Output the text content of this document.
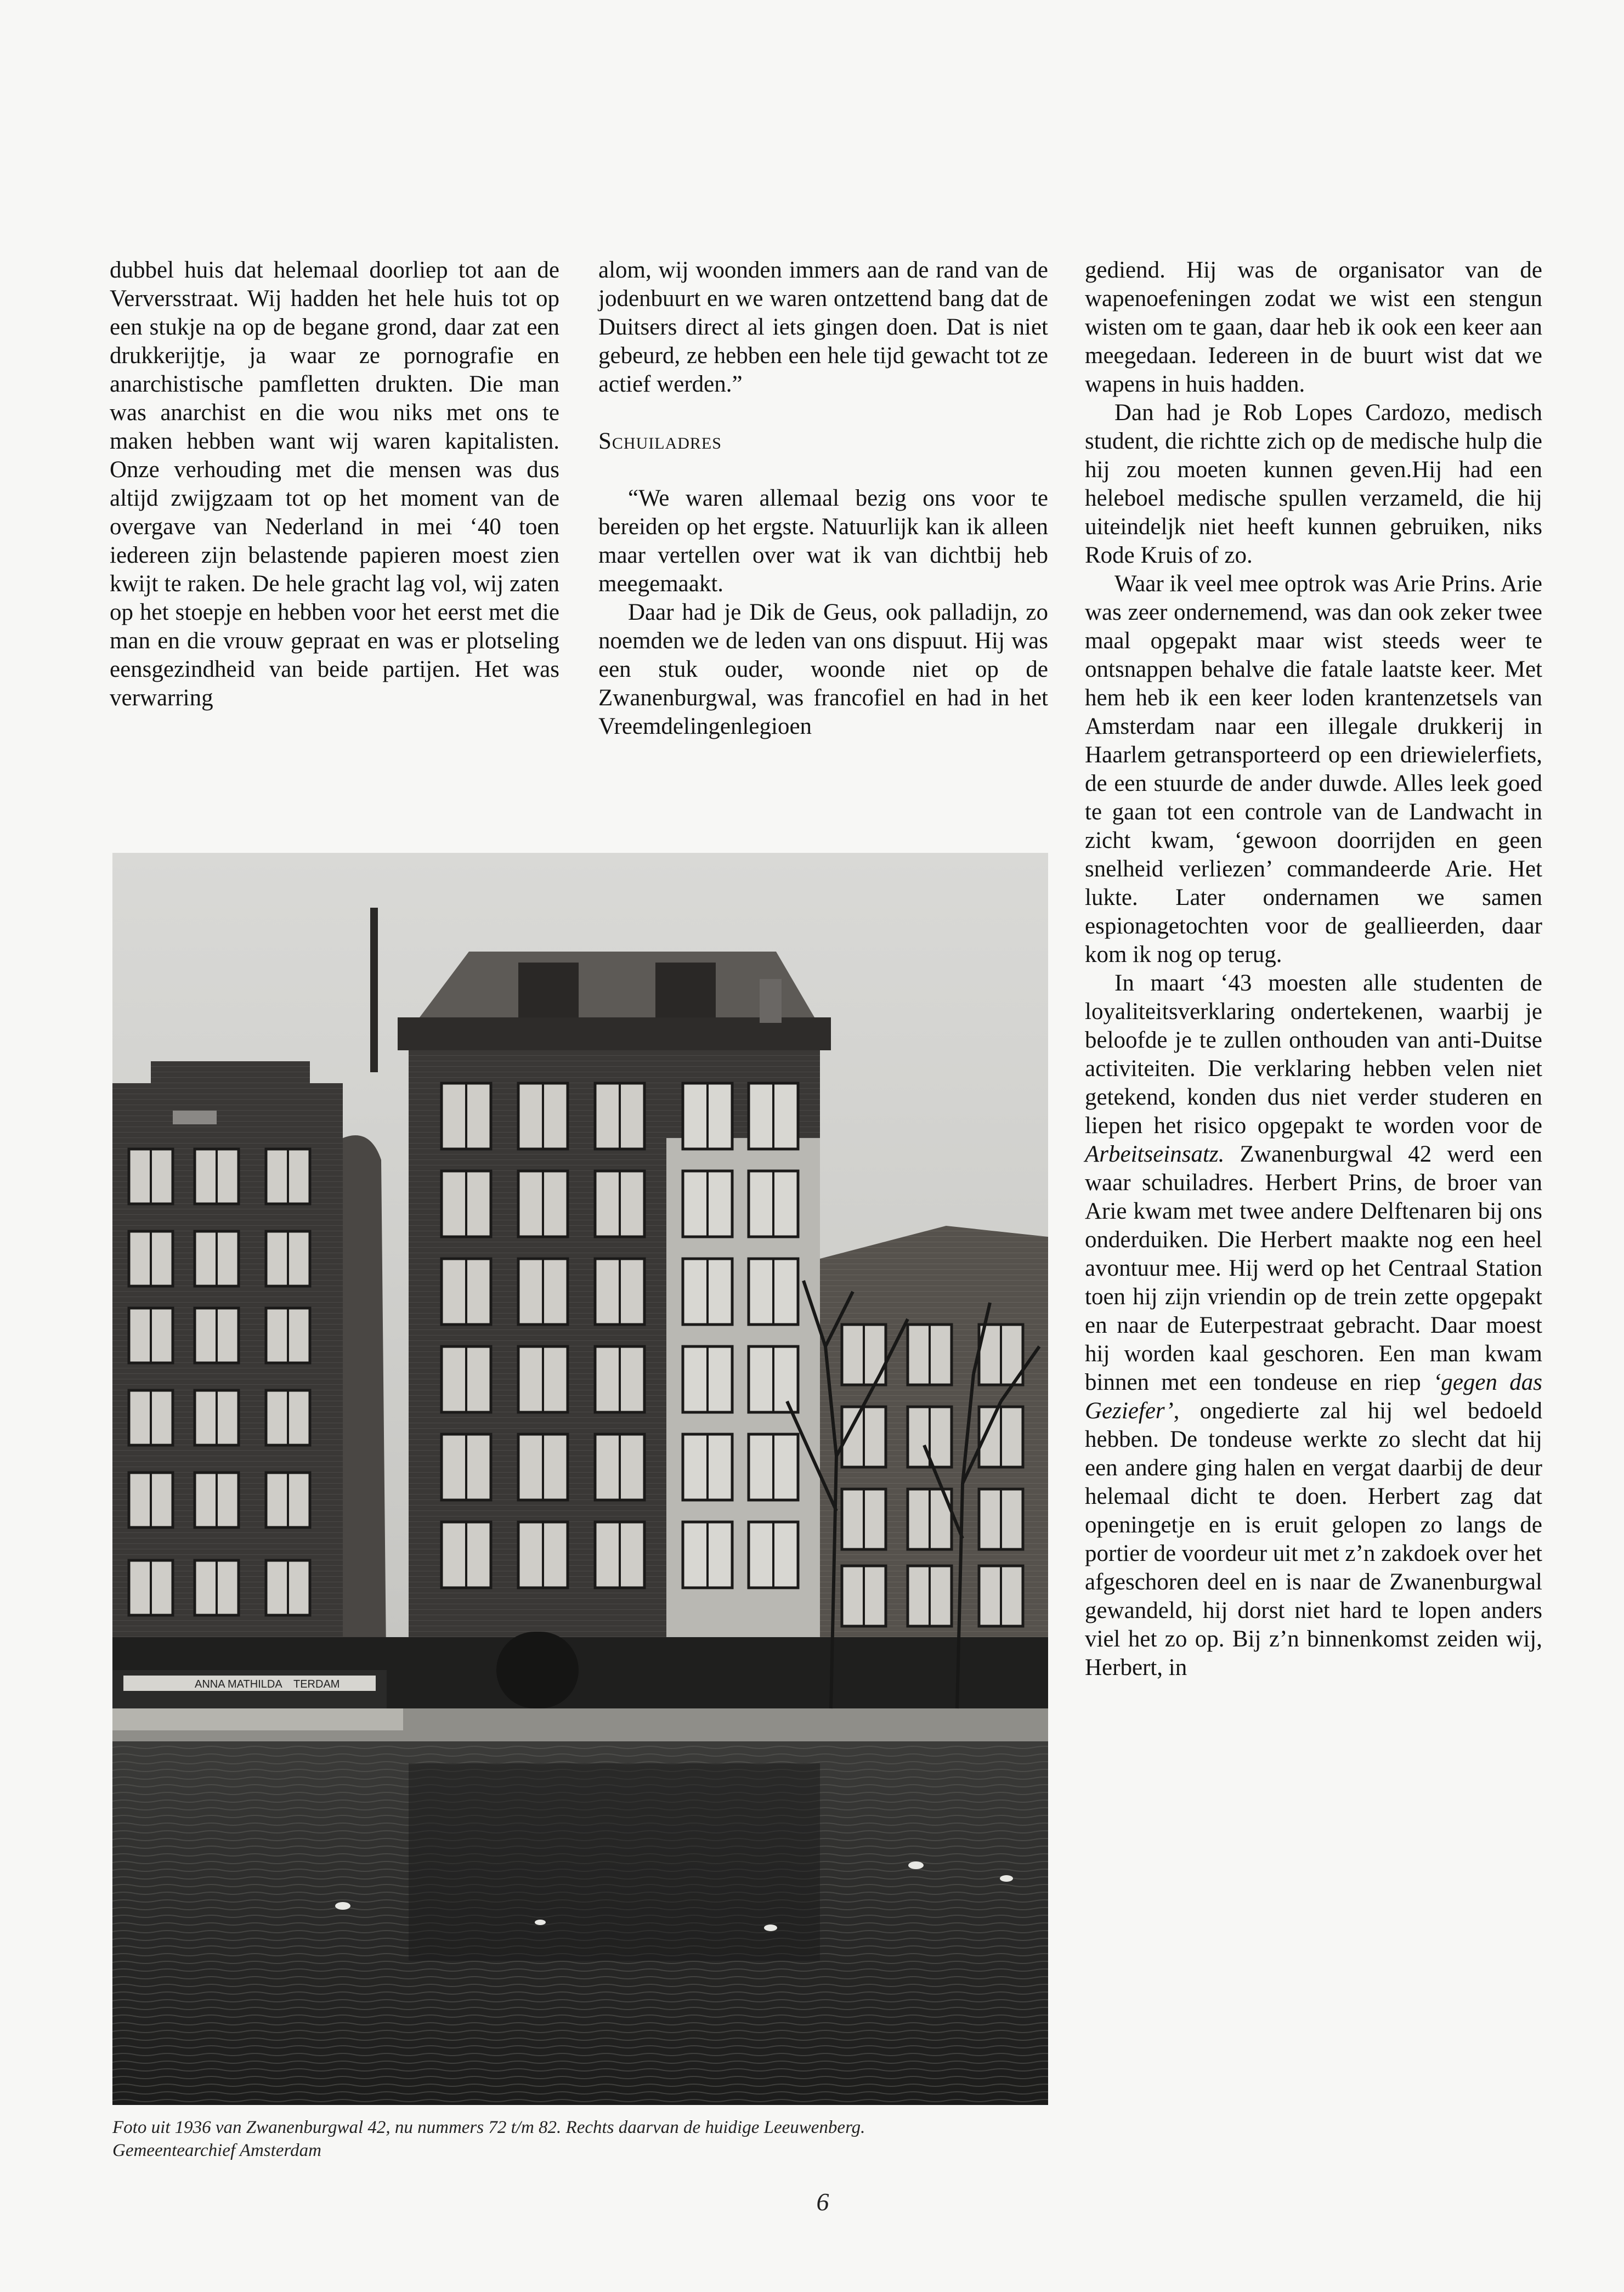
dubbel huis dat helemaal doorliep tot aan de Verversstraat. Wij hadden het hele huis tot op een stukje na op de begane grond, daar zat een drukkerijtje, ja waar ze pornografie en anarchistische pamfletten drukten. Die man was anarchist en die wou niks met ons te maken hebben want wij waren kapitalisten. Onze verhouding met die mensen was dus altijd zwijgzaam tot op het moment van de overgave van Nederland in mei ‘40 toen iedereen zijn belastende papieren moest zien kwijt te raken. De hele gracht lag vol, wij zaten op het stoepje en hebben voor het eerst met die man en die vrouw gepraat en was er plotseling eensgezindheid van beide partijen. Het was verwarring

alom, wij woonden immers aan de rand van de jodenbuurt en we waren ontzettend bang dat de Duitsers direct al iets gingen doen. Dat is niet gebeurd, ze hebben een hele tijd gewacht tot ze actief werden.”

Schuiladres

“We waren allemaal bezig ons voor te bereiden op het ergste. Natuurlijk kan ik alleen maar vertellen over wat ik van dichtbij heb meegemaakt.

Daar had je Dik de Geus, ook palladijn, zo noemden we de leden van ons dispuut. Hij was een stuk ouder, woonde niet op de Zwanenburgwal, was francofiel en had in het Vreemdelingenlegioen

gediend. Hij was de organisator van de wapenoefeningen zodat we wist een stengun wisten om te gaan, daar heb ik ook een keer aan meegedaan. Iedereen in de buurt wist dat we wapens in huis hadden.

Dan had je Rob Lopes Cardozo, medisch student, die richtte zich op de medische hulp die hij zou moeten kunnen geven.Hij had een heleboel medische spullen verzameld, die hij uiteindeljk niet heeft kunnen gebruiken, niks Rode Kruis of zo.

Waar ik veel mee optrok was Arie Prins. Arie was zeer ondernemend, was dan ook zeker twee maal opgepakt maar wist steeds weer te ontsnappen behalve die fatale laatste keer. Met hem heb ik een keer loden krantenzetsels van Amsterdam naar een illegale drukkerij in Haarlem getransporteerd op een driewielerfiets, de een stuurde de ander duwde. Alles leek goed te gaan tot een controle van de Landwacht in zicht kwam, ‘gewoon doorrijden en geen snelheid verliezen’ commandeerde Arie. Het lukte. Later ondernamen we samen espionagetochten voor de geallieerden, daar kom ik nog op terug.

In maart ‘43 moesten alle studenten de loyaliteitsverklaring ondertekenen, waarbij je beloofde je te zullen onthouden van anti-Duitse activiteiten. Die verklaring hebben velen niet getekend, konden dus niet verder studeren en liepen het risico opgepakt te worden voor de Arbeitseinsatz. Zwanenburgwal 42 werd een waar schuiladres. Herbert Prins, de broer van Arie kwam met twee andere Delftenaren bij ons onderduiken. Die Herbert maakte nog een heel avontuur mee. Hij werd op het Centraal Station toen hij zijn vriendin op de trein zette opgepakt en naar de Euterpestraat gebracht. Daar moest hij worden kaal geschoren. Een man kwam binnen met een tondeuse en riep ‘gegen das Geziefer’, ongedierte zal hij wel bedoeld hebben. De tondeuse werkte zo slecht dat hij een andere ging halen en vergat daarbij de deur helemaal dicht te doen. Herbert zag dat openingetje en is eruit gelopen zo langs de portier de voordeur uit met z’n zakdoek over het afgeschoren deel en is naar de Zwanenburgwal gewandeld, hij dorst niet hard te lopen anders viel het zo op. Bij z’n binnenkomst zeiden wij, Herbert, in

ANNA MATHILDA TERDAM
Foto uit 1936 van Zwanenburgwal 42, nu nummers 72 t/m 82. Rechts daarvan de huidige Leeuwenberg.
Gemeentearchief Amsterdam
6
